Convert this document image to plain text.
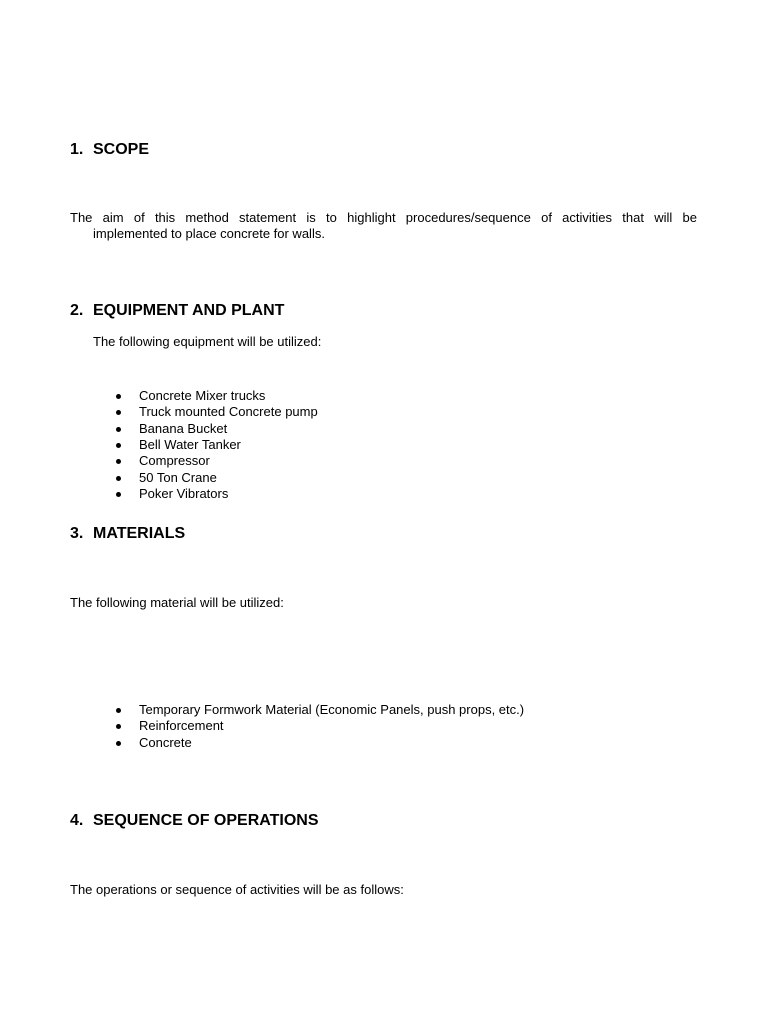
1. SCOPE
The aim of this method statement is to highlight procedures/sequence of activities that will be
implemented to place concrete for walls.
2. EQUIPMENT AND PLANT
The following equipment will be utilized:
Concrete Mixer trucks
Truck mounted Concrete pump
Banana Bucket
Bell Water Tanker
Compressor
50 Ton Crane
Poker Vibrators
3. MATERIALS
The following material will be utilized:
Temporary Formwork Material (Economic Panels, push props, etc.)
Reinforcement
Concrete
4. SEQUENCE OF OPERATIONS
The operations or sequence of activities will be as follows:
